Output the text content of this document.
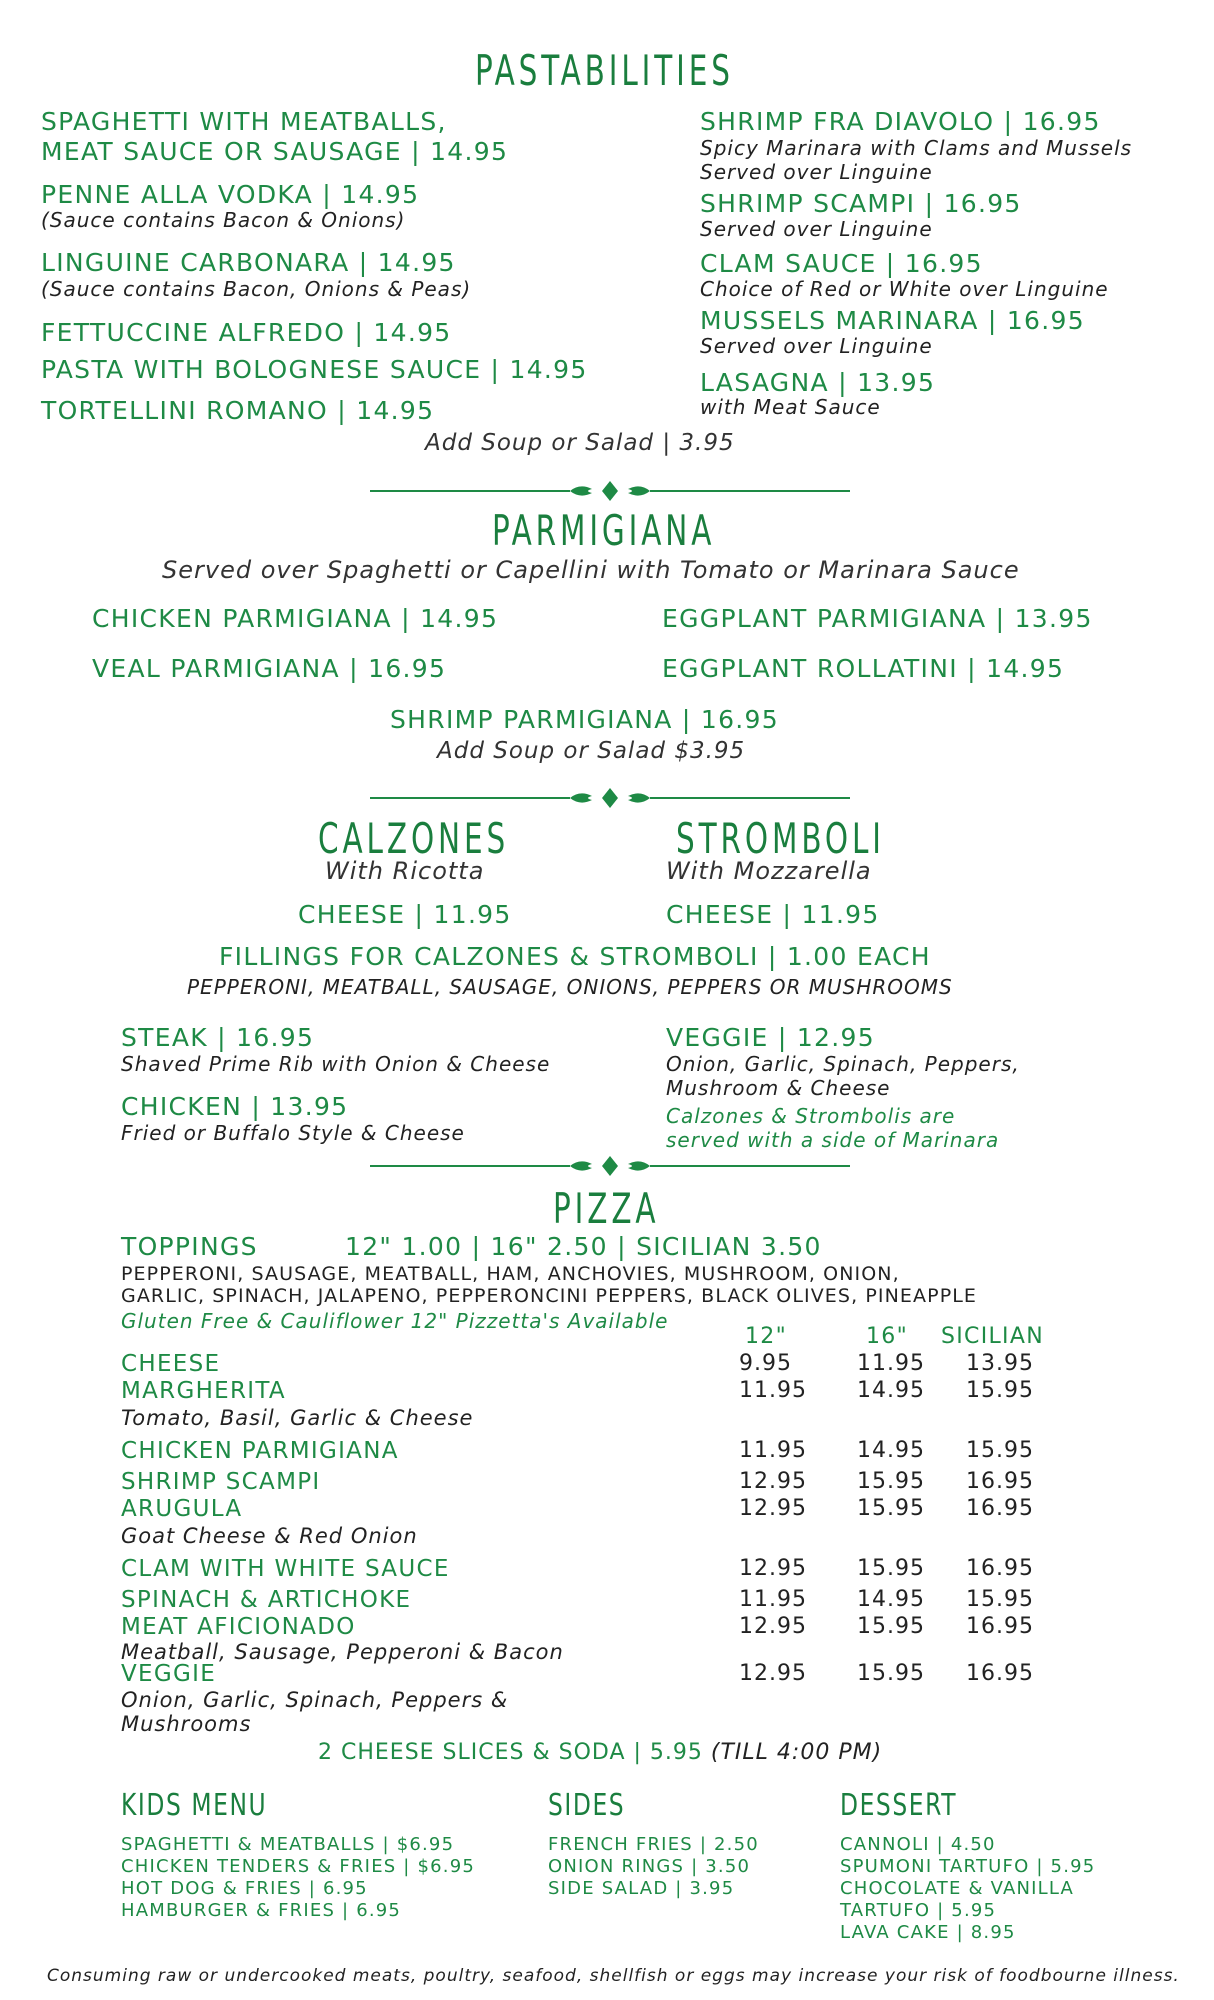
PASTABILITIES
SPAGHETTI WITH MEATBALLS,
MEAT SAUCE OR SAUSAGE | 14.95
PENNE ALLA VODKA | 14.95
(Sauce contains Bacon & Onions)
LINGUINE CARBONARA | 14.95
(Sauce contains Bacon, Onions & Peas)
FETTUCCINE ALFREDO | 14.95
PASTA WITH BOLOGNESE SAUCE | 14.95
TORTELLINI ROMANO | 14.95
SHRIMP FRA DIAVOLO | 16.95
Spicy Marinara with Clams and Mussels
Served over Linguine
SHRIMP SCAMPI | 16.95
Served over Linguine
CLAM SAUCE | 16.95
Choice of Red or White over Linguine
MUSSELS MARINARA | 16.95
Served over Linguine
LASAGNA | 13.95
with Meat Sauce
Add Soup or Salad | 3.95
PARMIGIANA
Served over Spaghetti or Capellini with Tomato or Marinara Sauce
CHICKEN PARMIGIANA | 14.95	EGGPLANT PARMIGIANA | 13.95
VEAL PARMIGIANA | 16.95	EGGPLANT ROLLATINI | 14.95
SHRIMP PARMIGIANA | 16.95
Add Soup or Salad $3.95
CALZONES
With Ricotta
STROMBOLI
With Mozzarella
CHEESE | 11.95	CHEESE | 11.95
FILLINGS FOR CALZONES & STROMBOLI | 1.00 EACH
PEPPERONI, MEATBALL, SAUSAGE, ONIONS, PEPPERS OR MUSHROOMS
STEAK | 16.95
Shaved Prime Rib with Onion & Cheese
CHICKEN | 13.95
Fried or Buffalo Style & Cheese
VEGGIE | 12.95
Onion, Garlic, Spinach, Peppers,
Mushroom & Cheese
Calzones & Strombolis are
served with a side of Marinara
PIZZA
TOPPINGS	12" 1.00 | 16" 2.50 | SICILIAN 3.50
PEPPERONI, SAUSAGE, MEATBALL, HAM, ANCHOVIES, MUSHROOM, ONION,
GARLIC, SPINACH, JALAPENO, PEPPERONCINI PEPPERS, BLACK OLIVES, PINEAPPLE
Gluten Free & Cauliflower 12" Pizzetta's Available
12"	16" SICILIAN
CHEESE	9.95	11.95 13.95
MARGHERITA	11.95 14.95 15.95
Tomato, Basil, Garlic & Cheese
CHICKEN PARMIGIANA	11.95 14.95 15.95
SHRIMP SCAMPI	12.95 15.95 16.95
ARUGULA	12.95 15.95 16.95
Goat Cheese & Red Onion
CLAM WITH WHITE SAUCE	12.95 15.95 16.95
SPINACH & ARTICHOKE	11.95 14.95 15.95
MEAT AFICIONADO	12.95 15.95 16.95
Meatball, Sausage, Pepperoni & Bacon
VEGGIE	12.95 15.95 16.95
Onion, Garlic, Spinach, Peppers &
Mushrooms
2 CHEESE SLICES & SODA | 5.95 (TILL 4:00 PM)
KIDS MENU
SPAGHETTI & MEATBALLS | $6.95
CHICKEN TENDERS & FRIES | $6.95
HOT DOG & FRIES | 6.95
HAMBURGER & FRIES | 6.95
SIDES
FRENCH FRIES | 2.50
ONION RINGS | 3.50
SIDE SALAD | 3.95
DESSERT
CANNOLI | 4.50
SPUMONI TARTUFO | 5.95
CHOCOLATE & VANILLA
TARTUFO | 5.95
LAVA CAKE | 8.95
Consuming raw or undercooked meats, poultry, seafood, shellfish or eggs may increase your risk of foodbourne illness.
